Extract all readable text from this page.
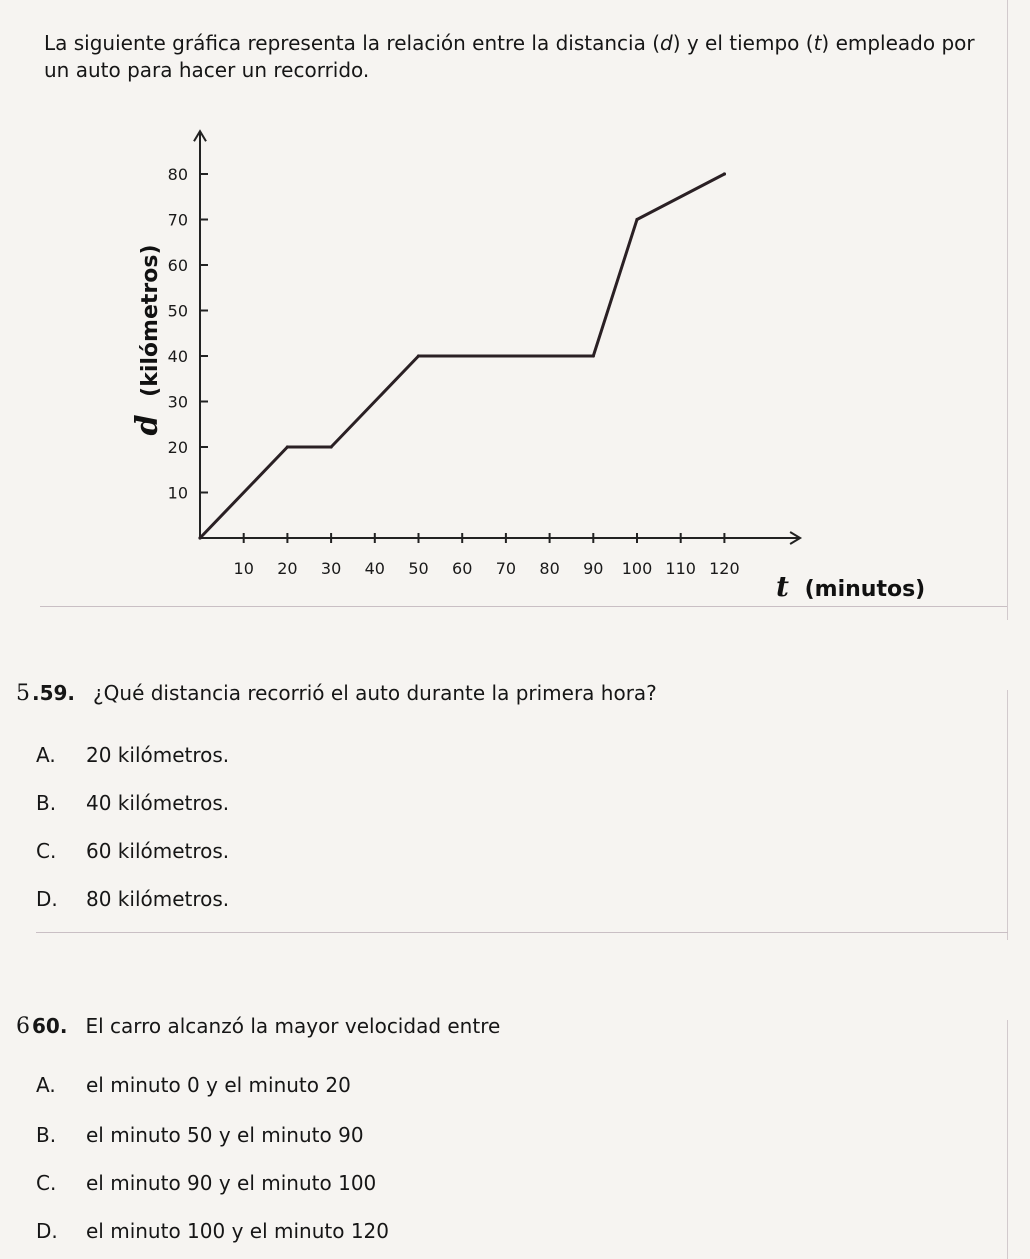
La siguiente gráfica representa la relación entre la distancia (d) y el tiempo (t) empleado por un auto para hacer un recorrido.
10
20
30
40
50
60
70
80
10 20 30 40 50 60 70 80 90 100 110 120
d (kilómetros)
t (minutos)
5 .59. ¿Qué distancia recorrió el auto durante la primera hora?
A. 20 kilómetros.
B. 40 kilómetros.
C. 60 kilómetros.
D. 80 kilómetros.
6 60. El carro alcanzó la mayor velocidad entre
A. el minuto 0 y el minuto 20
B. el minuto 50 y el minuto 90
C. el minuto 90 y el minuto 100
D. el minuto 100 y el minuto 120
